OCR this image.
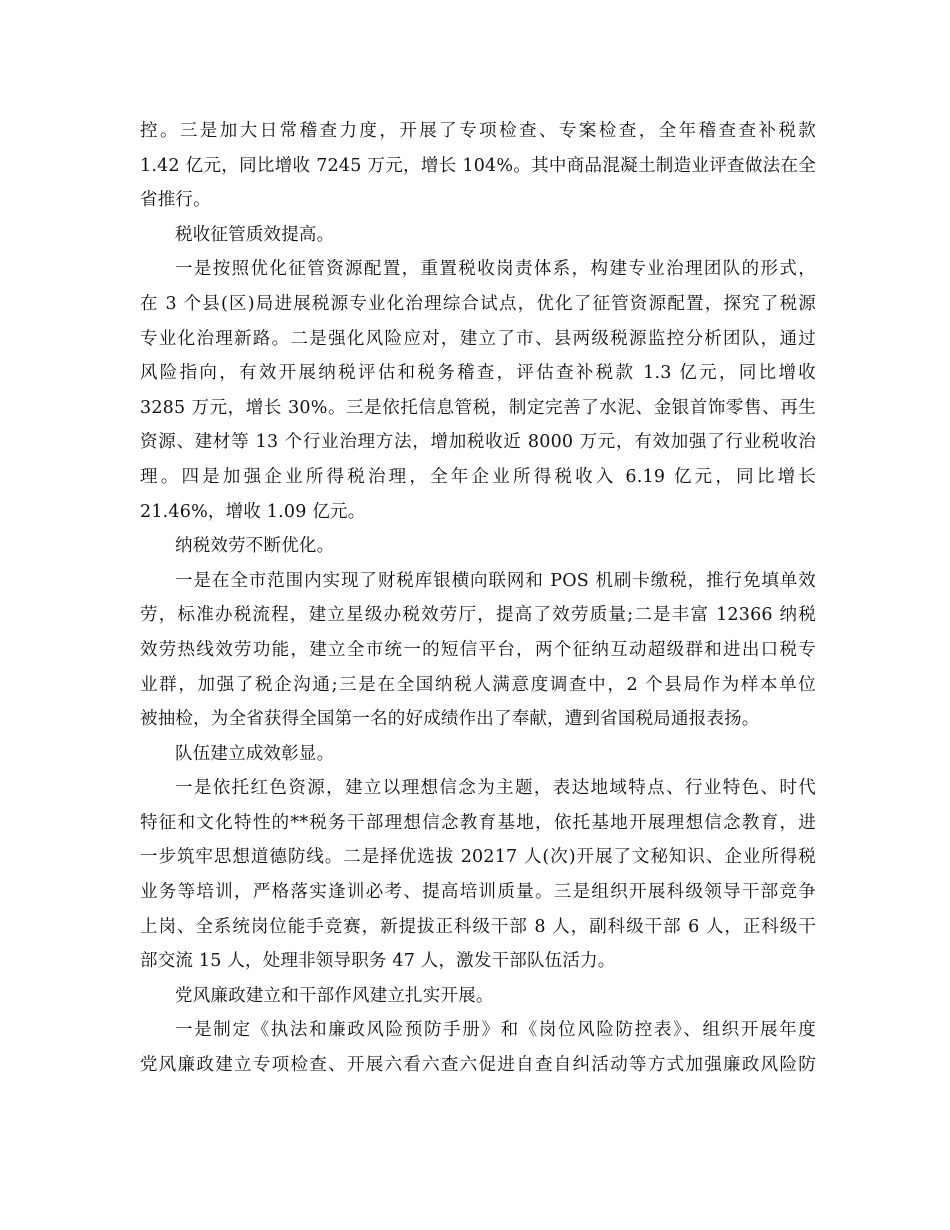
控。三是加大日常稽查力度，开展了专项检查、专案检查，全年稽查查补税款
1.42 亿元，同比增收 7245 万元，增长 104%。其中商品混凝土制造业评查做法在全
省推行。
税收征管质效提高。
一是按照优化征管资源配置，重置税收岗责体系，构建专业治理团队的形式，
在 3 个县(区)局进展税源专业化治理综合试点，优化了征管资源配置，探究了税源
专业化治理新路。二是强化风险应对，建立了市、县两级税源监控分析团队，通过
风险指向，有效开展纳税评估和税务稽查，评估查补税款 1.3 亿元，同比增收
3285 万元，增长 30%。三是依托信息管税，制定完善了水泥、金银首饰零售、再生
资源、建材等 13 个行业治理方法，增加税收近 8000 万元，有效加强了行业税收治
理。四是加强企业所得税治理，全年企业所得税收入 6.19 亿元，同比增长
21.46%，增收 1.09 亿元。
纳税效劳不断优化。
一是在全市范围内实现了财税库银横向联网和 POS 机刷卡缴税，推行免填单效
劳，标准办税流程，建立星级办税效劳厅，提高了效劳质量;二是丰富 12366 纳税
效劳热线效劳功能，建立全市统一的短信平台，两个征纳互动超级群和进出口税专
业群，加强了税企沟通;三是在全国纳税人满意度调查中，2 个县局作为样本单位
被抽检，为全省获得全国第一名的好成绩作出了奉献，遭到省国税局通报表扬。
队伍建立成效彰显。
一是依托红色资源，建立以理想信念为主题，表达地域特点、行业特色、时代
特征和文化特性的**税务干部理想信念教育基地，依托基地开展理想信念教育，进
一步筑牢思想道德防线。二是择优选拔 20217 人(次)开展了文秘知识、企业所得税
业务等培训，严格落实逢训必考、提高培训质量。三是组织开展科级领导干部竞争
上岗、全系统岗位能手竞赛，新提拔正科级干部 8 人，副科级干部 6 人，正科级干
部交流 15 人，处理非领导职务 47 人，激发干部队伍活力。
党风廉政建立和干部作风建立扎实开展。
一是制定《执法和廉政风险预防手册》和《岗位风险防控表》、组织开展年度
党风廉政建立专项检查、开展六看六查六促进自查自纠活动等方式加强廉政风险防
